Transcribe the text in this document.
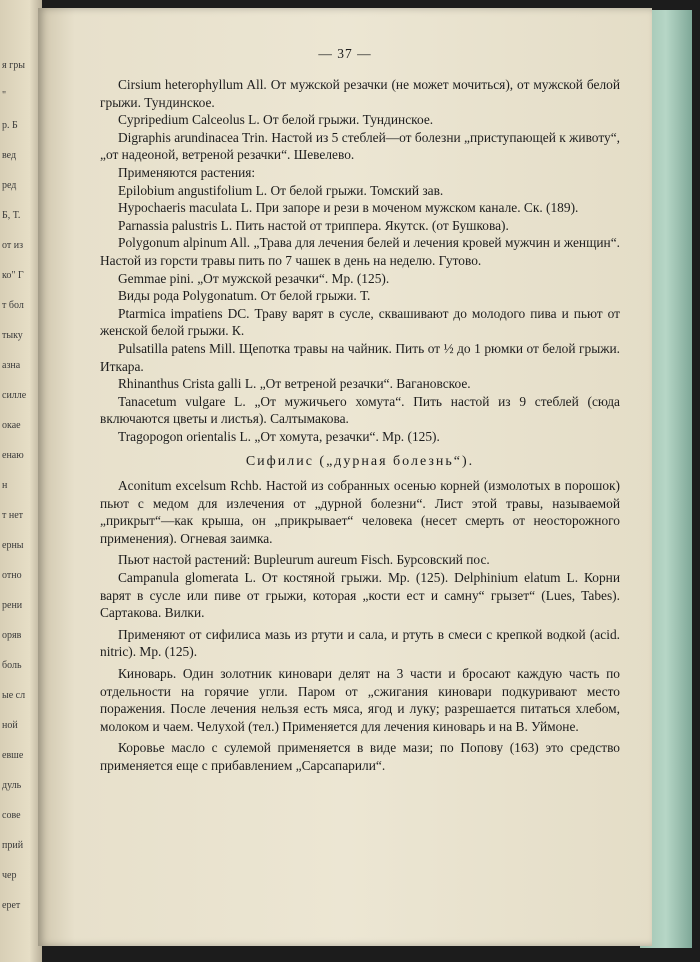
я гры
"
р. Б
вед
ред
Б, Т.
от из
ко" Г
т бол
тыку
азна
силле
окае
енаю
н
т нет
ерны
отно
рени
оряв
боль
ые сл
ной
евше
дуль
сове
прий
чер
ерет
— 37 —

Cirsium heterophyllum All. От мужской резачки (не может мочиться), от мужской белой грыжи. Тундинское.

Cypripedium Calceolus L. От белой грыжи. Тундинское.

Digraphis arundinacea Trin. Настой из 5 стеблей—от болезни „приступающей к животу“, „от надеоной, ветреной резачки“. Шевелево.

Применяются растения:

Epilobium angustifolium L. От белой грыжи. Томский зав.

Hypochaeris maculata L. При запоре и рези в моченом мужском канале. Ск. (189).

Parnassia palustris L. Пить настой от триппера. Якутск. (от Бушкова).

Polygonum alpinum All. „Трава для лечения белей и лечения кровей мужчин и женщин“. Настой из горсти травы пить по 7 чашек в день на неделю. Гутово.

Gemmae pini. „От мужской резачки“. Мр. (125).

Виды рода Polygonatum. От белой грыжи. Т.

Ptarmica impatiens DC. Траву варят в сусле, сквашивают до молодого пива и пьют от женской белой грыжи. К.

Pulsatilla patens Mill. Щепотка травы на чайник. Пить от ½ до 1 рюмки от белой грыжи. Иткара.

Rhinanthus Crista galli L. „От ветреной резачки“. Вагановское.

Tanacetum vulgare L. „От мужичьего хомута“. Пить настой из 9 стеблей (сюда включаются цветы и листья). Салтымакова.

Tragopogon orientalis L. „От хомута, резачки“. Мр. (125).

Сифилис („дурная болезнь“).

Aconitum excelsum Rchb. Настой из собранных осенью корней (измолотых в порошок) пьют с медом для излечения от „дурной болезни“. Лист этой травы, называемой „прикрыт“—как крыша, он „прикрывает“ человека (несет смерть от неосторожного применения). Огневая заимка.

Пьют настой растений: Bupleurum aureum Fisch. Бурсовский пос.

Campanula glomerata L. От костяной грыжи. Мр. (125). Delphinium elatum L. Корни варят в сусле или пиве от грыжи, которая „кости ест и самну“ грызет“ (Lues, Tabes). Сартакова. Вилки.

Применяют от сифилиса мазь из ртути и сала, и ртуть в смеси с крепкой водкой (acid. nitric). Мр. (125).

Киноварь. Один золотник киновари делят на 3 части и бросают каждую часть по отдельности на горячие угли. Паром от „сжигания киновари подкуривают место поражения. После лечения нельзя есть мяса, ягод и луку; разрешается питаться хлебом, молоком и чаем. Челухой (тел.) Применяется для лечения киноварь и на В. Уймоне.

Коровье масло с сулемой применяется в виде мази; по Попову (163) это средство применяется еще с прибавлением „Сарсапарили“.
